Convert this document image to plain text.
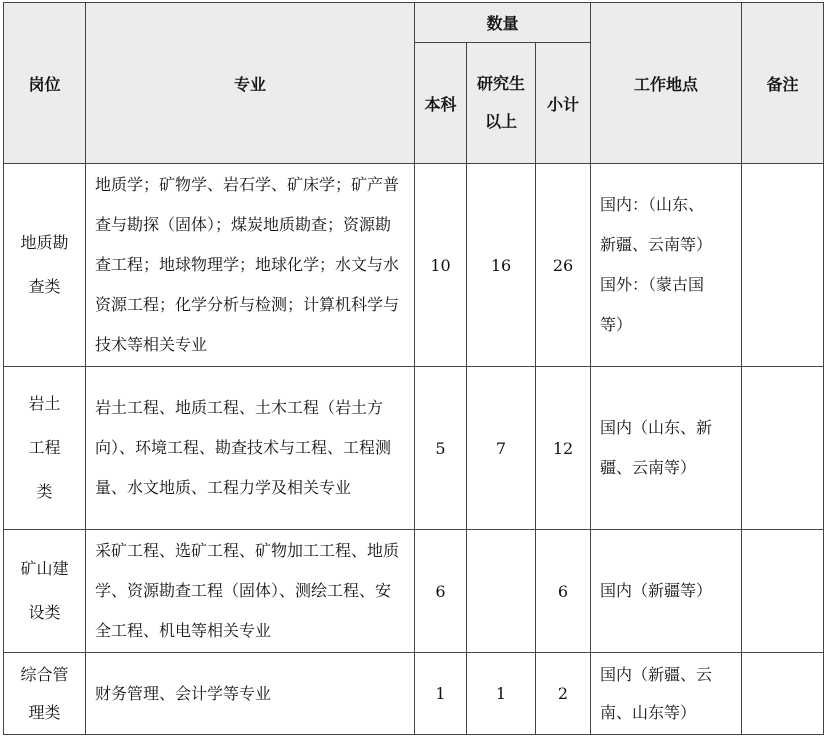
岗位	专业	数量			工作地点	备注
		本科	研究生以上	小计		
地质勘查类	地质学；矿物学、岩石学、矿床学；矿产普查与勘探（固体）；煤炭地质勘查；资源勘查工程；地球物理学；地球化学；水文与水资源工程；化学分析与检测；计算机科学与技术等相关专业	10	16	26	国内：（山东、新疆、云南等）
国外：（蒙古国等）	

岩土工程类	岩土工程、地质工程、土木工程（岩土方向）、环境工程、勘查技术与工程、工程测量、水文地质、工程力学及相关专业	5	7	12	国内（山东、新疆、云南等）	
矿山建设类	采矿工程、选矿工程、矿物加工工程、地质学、资源勘查工程（固体）、测绘工程、安全工程、机电等相关专业	6		6	国内（新疆等）	
综合管理类	财务管理、会计学等专业	1	1	2	国内（新疆、云南、山东等）	
